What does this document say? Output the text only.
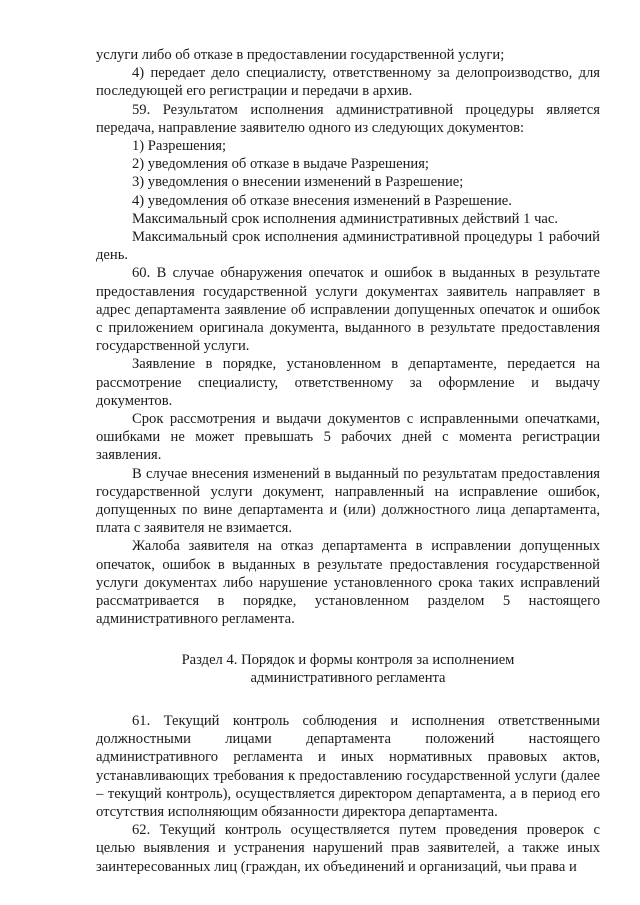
услуги либо об отказе в предоставлении государственной услуги;

4) передает дело специалисту, ответственному за делопроизводство, для последующей его регистрации и передачи в архив.

59. Результатом исполнения административной процедуры является передача, направление заявителю одного из следующих документов:

1) Разрешения;

2) уведомления об отказе в выдаче Разрешения;

3) уведомления о внесении изменений в Разрешение;

4) уведомления об отказе внесения изменений в Разрешение.

Максимальный срок исполнения административных действий 1 час.

Максимальный срок исполнения административной процедуры 1 рабочий день.

60. В случае обнаружения опечаток и ошибок в выданных в результате предоставления государственной услуги документах заявитель направляет в адрес департамента заявление об исправлении допущенных опечаток и ошибок с приложением оригинала документа, выданного в результате предоставления государственной услуги.

Заявление в порядке, установленном в департаменте, передается на рассмотрение специалисту, ответственному за оформление и выдачу документов.

Срок рассмотрения и выдачи документов с исправленными опечатками, ошибками не может превышать 5 рабочих дней с момента регистрации заявления.

В случае внесения изменений в выданный по результатам предоставления государственной услуги документ, направленный на исправление ошибок, допущенных по вине департамента и (или) должностного лица департамента, плата с заявителя не взимается.

Жалоба заявителя на отказ департамента в исправлении допущенных опечаток, ошибок в выданных в результате предоставления государственной услуги документах либо нарушение установленного срока таких исправлений рассматривается в порядке, установленном разделом 5 настоящего административного регламента.

Раздел 4. Порядок и формы контроля за исполнением

административного регламента

61. Текущий контроль соблюдения и исполнения ответственными должностными лицами департамента положений настоящего административного регламента и иных нормативных правовых актов, устанавливающих требования к предоставлению государственной услуги (далее – текущий контроль), осуществляется директором департамента, а в период его отсутствия исполняющим обязанности директора департамента.

62. Текущий контроль осуществляется путем проведения проверок с целью выявления и устранения нарушений прав заявителей, а также иных заинтересованных лиц (граждан, их объединений и организаций, чьи права и
